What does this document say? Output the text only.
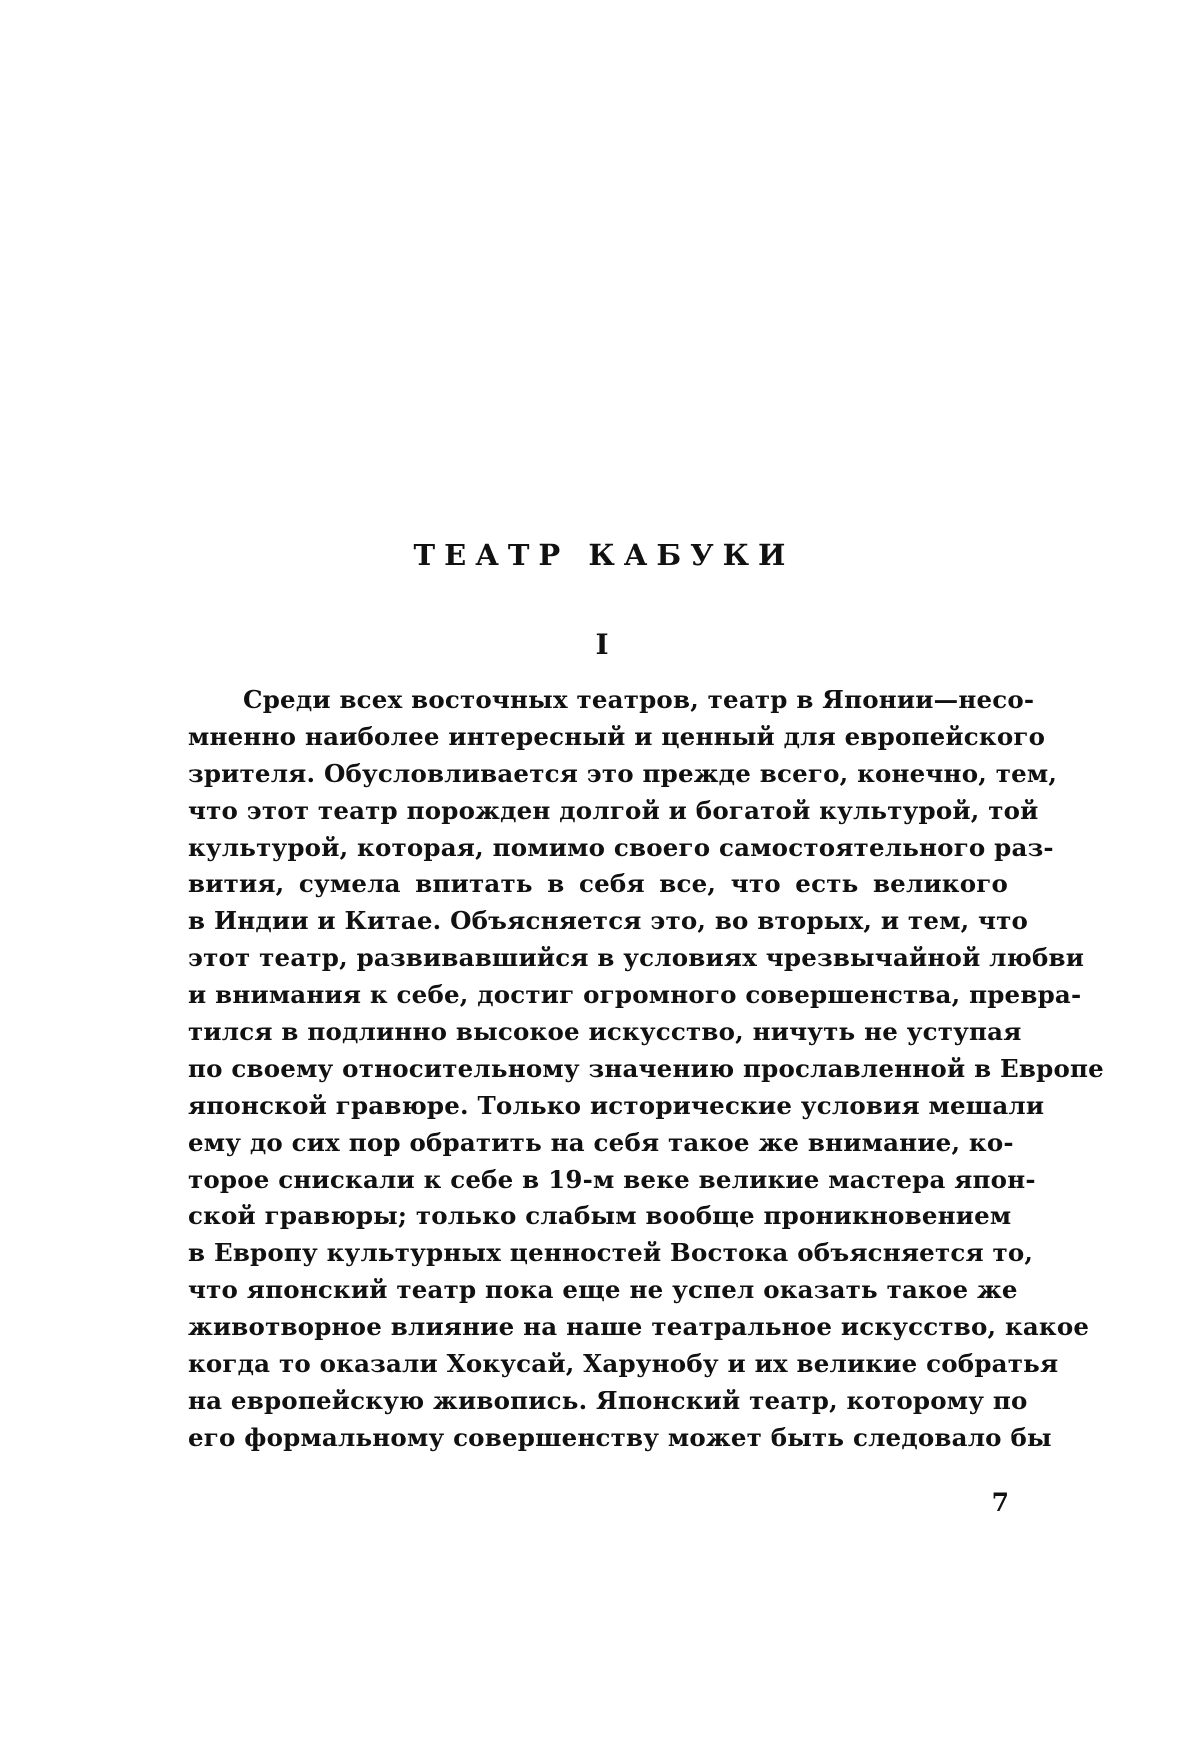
ТЕАТР КАБУКИ
I
Среди всех восточных театров, театр в Японии—несо-
мненно наиболее интересный и ценный для европейского
зрителя. Обусловливается это прежде всего, конечно, тем,
что этот театр порожден долгой и богатой культурой, той
культурой, которая, помимо своего самостоятельного раз-
вития, сумела впитать в себя все, что есть великого
в Индии и Китае. Объясняется это, во вторых, и тем, что
этот театр, развивавшийся в условиях чрезвычайной любви
и внимания к себе, достиг огромного совершенства, превра-
тился в подлинно высокое искусство, ничуть не уступая
по своему относительному значению прославленной в Европе
японской гравюре. Только исторические условия мешали
ему до сих пор обратить на себя такое же внимание, ко-
торое снискали к себе в 19-м веке великие мастера япон-
ской гравюры; только слабым вообще проникновением
в Европу культурных ценностей Востока объясняется то,
что японский театр пока еще не успел оказать такое же
животворное влияние на наше театральное искусство, какое
когда то оказали Хокусай, Харунобу и их великие собратья
на европейскую живопись. Японский театр, которому по
его формальному совершенству может быть следовало бы
7
